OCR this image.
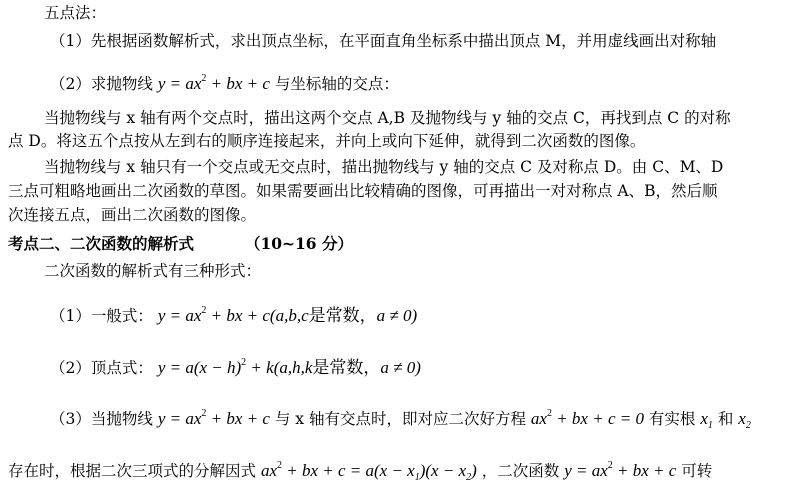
五点法：
（1）先根据函数解析式，求出顶点坐标，在平面直角坐标系中描出顶点 M，并用虚线画出对称轴
（2）求抛物线 $y = ax^2$ + bx + c 与坐标轴的交点：
当抛物线与 x 轴有两个交点时，描出这两个交点 A,B 及抛物线与 y 轴的交点 C，再找到点 C 的对称
点 D。将这五个点按从左到右的顺序连接起来，并向上或向下延伸，就得到二次函数的图像。
当抛物线与 x 轴只有一个交点或无交点时，描出抛物线与 y 轴的交点 C 及对称点 D。由 C、M、D
三点可粗略地画出二次函数的草图。如果需要画出比较精确的图像，可再描出一对对称点 A、B，然后顺
次连接五点，画出二次函数的图像。
考点二、二次函数的解析式	（10~16 分）
二次函数的解析式有三种形式：
（1）一般式： $y = ax^2$ + bx + c(a,b,c是常数，a ≠ 0)
（2）顶点式： $y = a(x - h)^2 + k(a,h,k$是常数，a ≠ 0)
（3）当抛物线 $y = ax^2$ + bx + c 与 x 轴有交点时，即对应二次好方程 $ax^2$ + bx + c = 0 有实根 $x_1$ 和 $x_2$
存在时，根据二次三项式的分解因式 $ax^2$ + bx + $c = a(x - x_1)(x - x_2)$ ，二次函数 $y = ax^2$ + bx + c 可转
